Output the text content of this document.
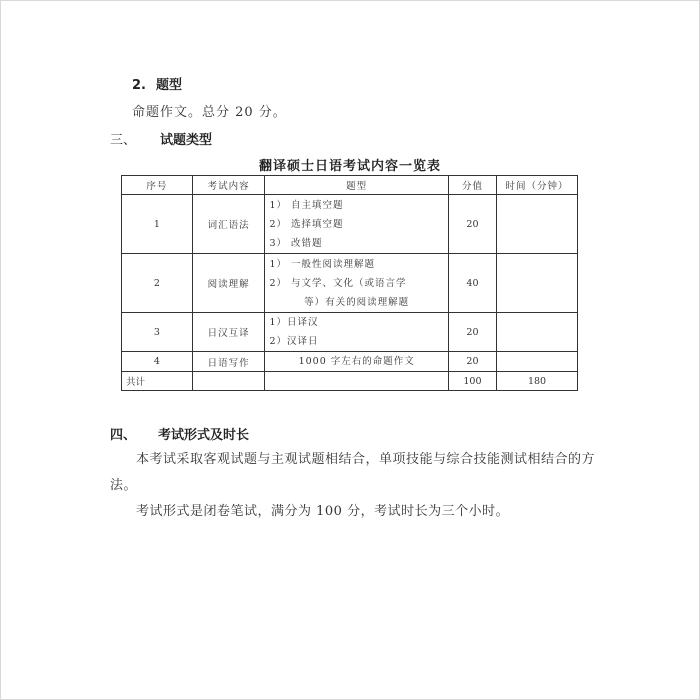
2. 题型
命题作文。总分 20 分。
三、 试题类型
翻译硕士日语考试内容一览表
序号	考试内容	题型	分值	时间（分钟）
1	词汇语法	1） 自主填空题
2） 选择填空题
3） 改错题	20	
2	阅读理解	1） 一般性阅读理解题
2） 与文学、文化（或语言学
等）有关的阅读理解题	40	
3	日汉互译	1）日译汉
2）汉译日	20	
4	日语写作	1000 字左右的命题作文	20	
共计			100	180
四、 考试形式及时长
本考试采取客观试题与主观试题相结合，单项技能与综合技能测试相结合的方法。
考试形式是闭卷笔试，满分为 100 分，考试时长为三个小时。
